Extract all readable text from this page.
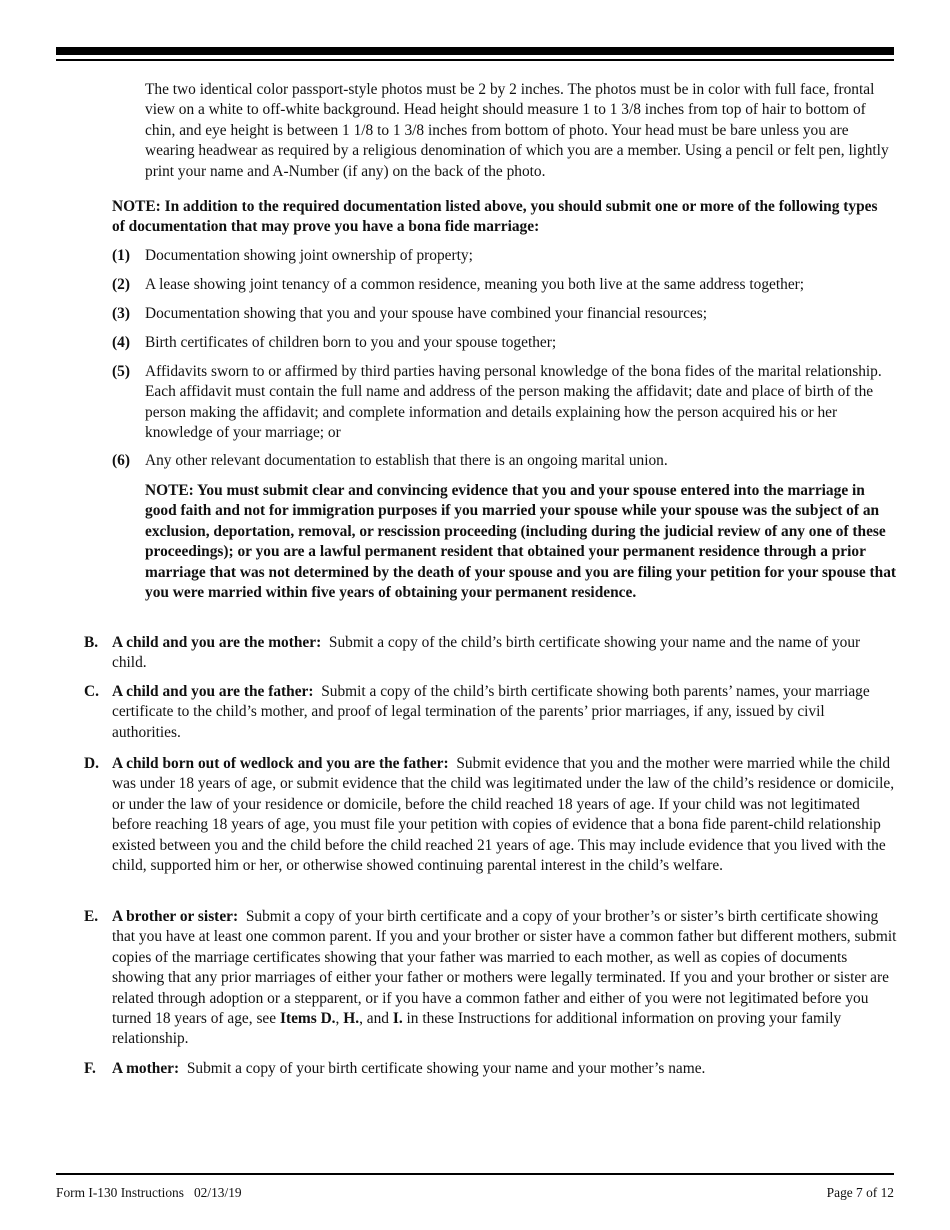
The two identical color passport-style photos must be 2 by 2 inches. The photos must be in color with full face, frontal view on a white to off-white background. Head height should measure 1 to 1 3/8 inches from top of hair to bottom of chin, and eye height is between 1 1/8 to 1 3/8 inches from bottom of photo. Your head must be bare unless you are wearing headwear as required by a religious denomination of which you are a member. Using a pencil or felt pen, lightly print your name and A-Number (if any) on the back of the photo.
NOTE: In addition to the required documentation listed above, you should submit one or more of the following types of documentation that may prove you have a bona fide marriage:
(1) Documentation showing joint ownership of property;
(2) A lease showing joint tenancy of a common residence, meaning you both live at the same address together;
(3) Documentation showing that you and your spouse have combined your financial resources;
(4) Birth certificates of children born to you and your spouse together;
(5) Affidavits sworn to or affirmed by third parties having personal knowledge of the bona fides of the marital relationship. Each affidavit must contain the full name and address of the person making the affidavit; date and place of birth of the person making the affidavit; and complete information and details explaining how the person acquired his or her knowledge of your marriage; or
(6) Any other relevant documentation to establish that there is an ongoing marital union.
NOTE: You must submit clear and convincing evidence that you and your spouse entered into the marriage in good faith and not for immigration purposes if you married your spouse while your spouse was the subject of an exclusion, deportation, removal, or rescission proceeding (including during the judicial review of any one of these proceedings); or you are a lawful permanent resident that obtained your permanent residence through a prior marriage that was not determined by the death of your spouse and you are filing your petition for your spouse that you were married within five years of obtaining your permanent residence.
B. A child and you are the mother: Submit a copy of the child’s birth certificate showing your name and the name of your child.
C. A child and you are the father: Submit a copy of the child’s birth certificate showing both parents’ names, your marriage certificate to the child’s mother, and proof of legal termination of the parents’ prior marriages, if any, issued by civil authorities.
D. A child born out of wedlock and you are the father: Submit evidence that you and the mother were married while the child was under 18 years of age, or submit evidence that the child was legitimated under the law of the child’s residence or domicile, or under the law of your residence or domicile, before the child reached 18 years of age. If your child was not legitimated before reaching 18 years of age, you must file your petition with copies of evidence that a bona fide parent-child relationship existed between you and the child before the child reached 21 years of age. This may include evidence that you lived with the child, supported him or her, or otherwise showed continuing parental interest in the child’s welfare.
E. A brother or sister: Submit a copy of your birth certificate and a copy of your brother’s or sister’s birth certificate showing that you have at least one common parent. If you and your brother or sister have a common father but different mothers, submit copies of the marriage certificates showing that your father was married to each mother, as well as copies of documents showing that any prior marriages of either your father or mothers were legally terminated. If you and your brother or sister are related through adoption or a stepparent, or if you have a common father and either of you were not legitimated before you turned 18 years of age, see Items D., H., and I. in these Instructions for additional information on proving your family relationship.
F. A mother: Submit a copy of your birth certificate showing your name and your mother’s name.
Form I-130 Instructions   02/13/19	Page 7 of 12
